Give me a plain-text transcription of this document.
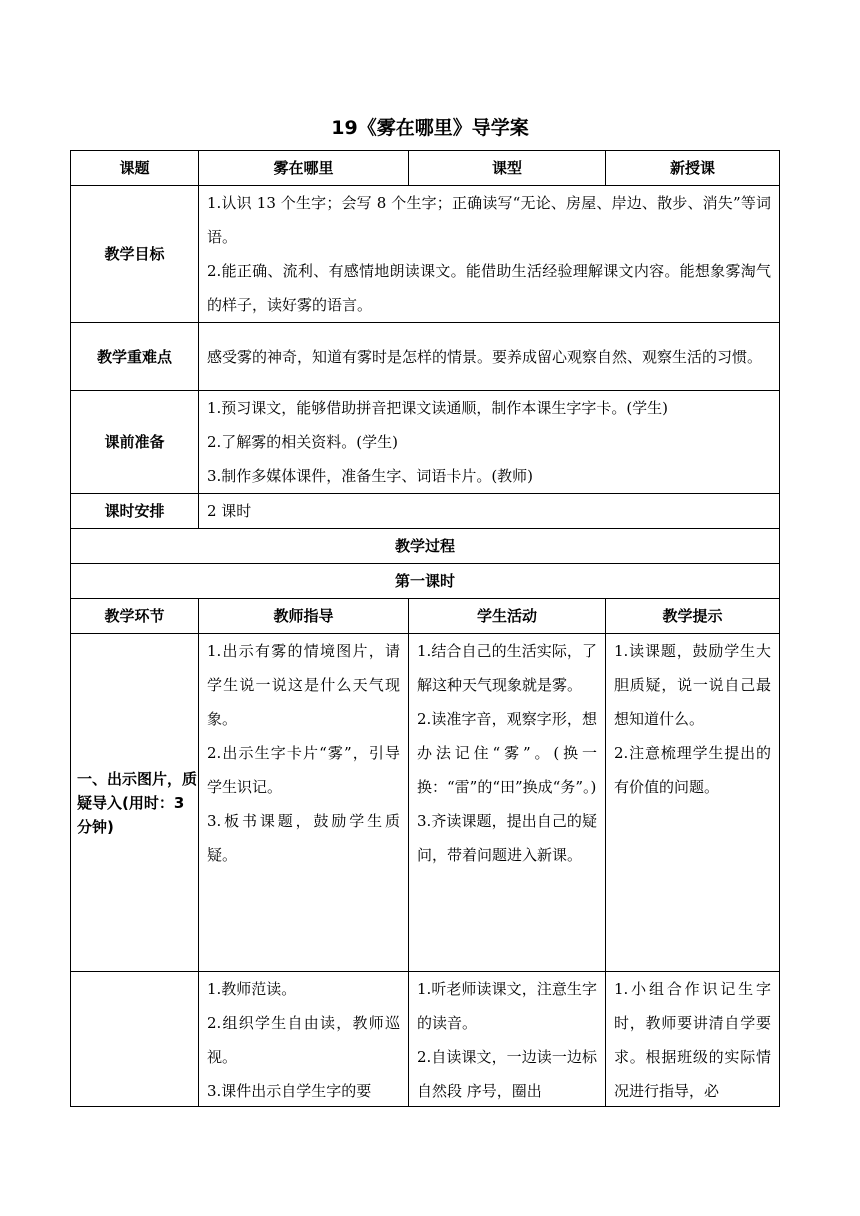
19《雾在哪里》导学案
课题	雾在哪里	课型	新授课
教学目标	1.认识 13 个生字；会写 8 个生字；正确读写“无论、房屋、岸边、散步、消失”等词语。
2.能正确、流利、有感情地朗读课文。能借助生活经验理解课文内容。能想象雾淘气的样子，读好雾的语言。		

教学重难点	感受雾的神奇，知道有雾时是怎样的情景。要养成留心观察自然、观察生活的习惯。		
课前准备	1.预习课文，能够借助拼音把课文读通顺，制作本课生字字卡。(学生)
2.了解雾的相关资料。(学生)
3.制作多媒体课件，准备生字、词语卡片。(教师)		

课时安排	2 课时		
教学过程			
第一课时			
教学环节	教师指导	学生活动	教学提示
一、出示图片，质疑导入(用时：3 分钟)	1.出示有雾的情境图片，请学生说一说这是什么天气现象。
2.出示生字卡片“雾”，引导学生识记。
3.板书课题，鼓励学生质疑。	1.结合自己的生活实际，了解这种天气现象就是雾。
2.读准字音，观察字形，想办法记住“雾”。(换一换：“雷”的“田”换成“务”。)
3.齐读课题，提出自己的疑问，带着问题进入新课。	1.读课题，鼓励学生大胆质疑，说一说自己最想知道什么。
2.注意梳理学生提出的有价值的问题。

	1.教师范读。
2.组织学生自由读，教师巡视。
3.课件出示自学生字的要	1.听老师读课文，注意生字的读音。
2.自读课文，一边读一边标自然段 序号，圈出	1.小组合作识记生字时，教师要讲清自学要求。根据班级的实际情况进行指导，必
